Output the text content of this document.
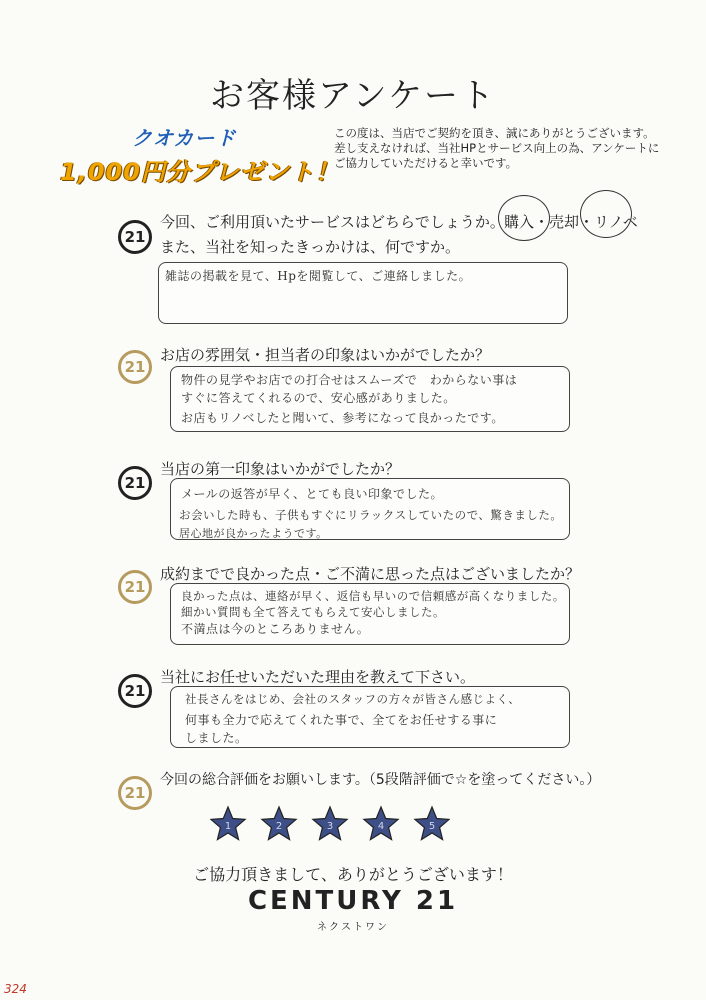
お客様アンケート
クオカード
1,000円分プレゼント！
この度は、当店でご契約を頂き、誠にありがとうございます。
差し支えなければ、当社HPとサービス向上の為、アンケートに
ご協力していただけると幸いです。
21
今回、ご利用頂いたサービスはどちらでしょうか。 購入・売却・リノベ
また、当社を知ったきっかけは、何ですか。
雑誌の掲載を見て、Hpを閲覧して、ご連絡しました。
21
お店の雰囲気・担当者の印象はいかがでしたか？
物件の見学やお店での打合せはスムーズで　わからない事は
すぐに答えてくれるので、安心感がありました。
お店もリノベしたと聞いて、参考になって良かったです。
21
当店の第一印象はいかがでしたか？
メールの返答が早く、とても良い印象でした。
お会いした時も、子供もすぐにリラックスしていたので、驚きました。
居心地が良かったようです。
21
成約までで良かった点・ご不満に思った点はございましたか？
良かった点は、連絡が早く、返信も早いので信頼感が高くなりました。
細かい質問も全て答えてもらえて安心しました。
不満点は今のところありません。
21
当社にお任せいただいた理由を教えて下さい。
社長さんをはじめ、会社のスタッフの方々が皆さん感じよく、
何事も全力で応えてくれた事で、全てをお任せする事に
しました。
21
今回の総合評価をお願いします。（5段階評価で☆を塗ってください。）
1	2	3	4	5
ご協力頂きまして、ありがとうございます！
CENTURY 21
ネクストワン
324
